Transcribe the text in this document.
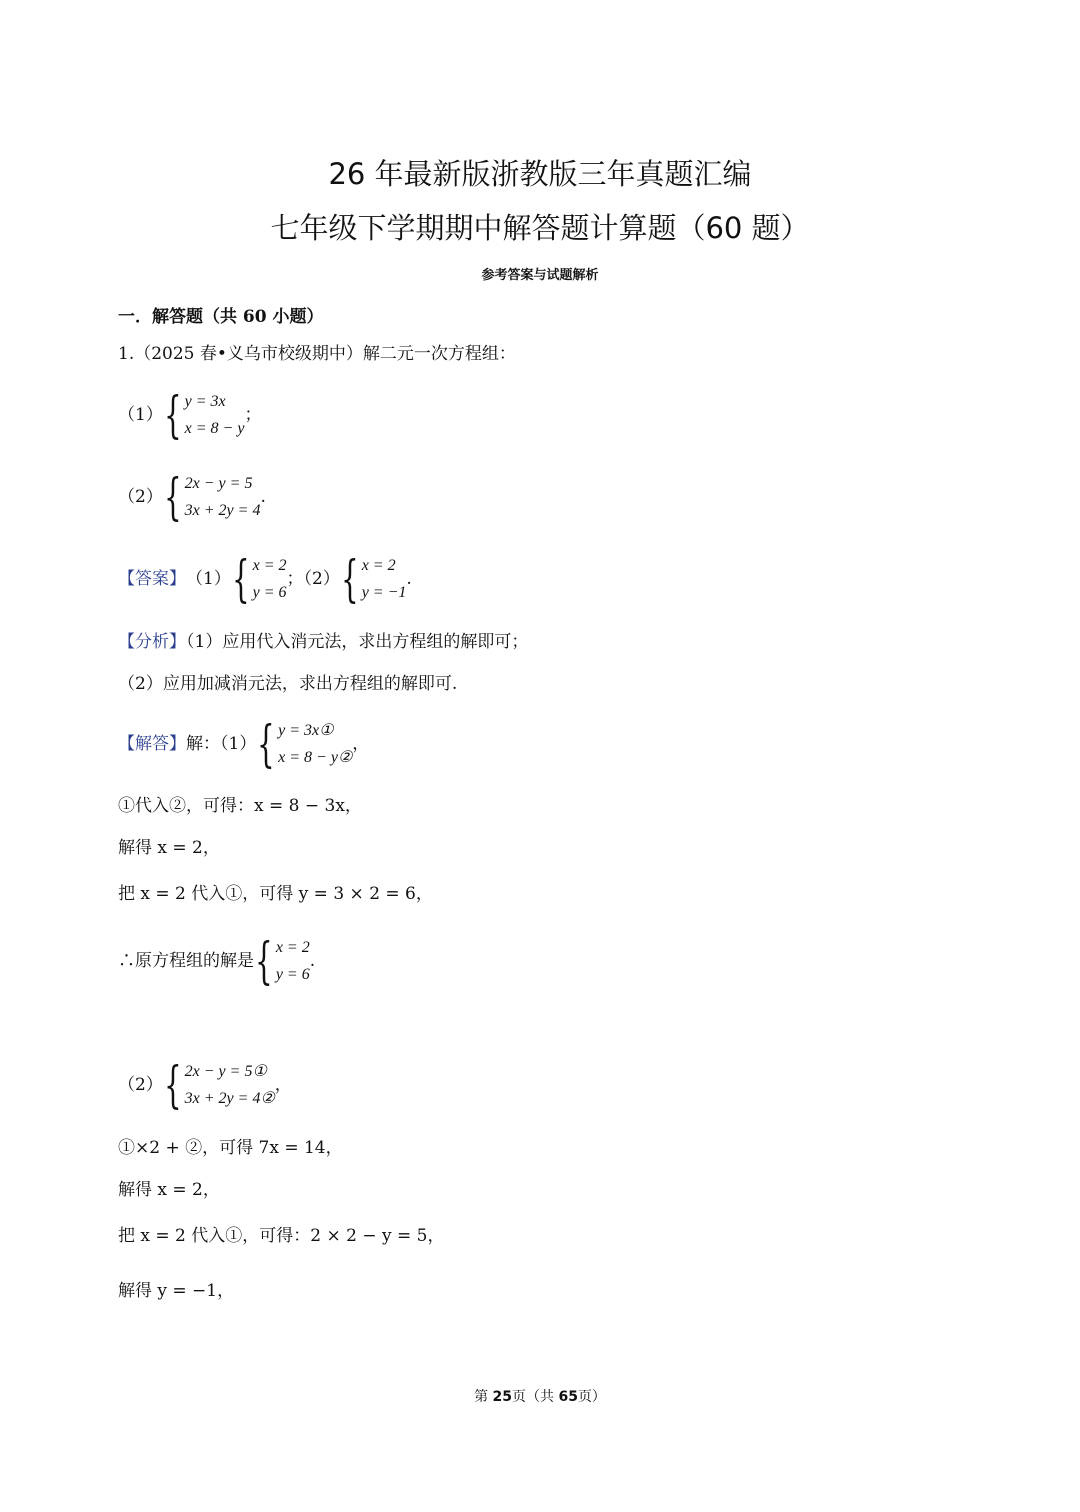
26 年最新版浙教版三年真题汇编
七年级下学期期中解答题计算题（60 题）
参考答案与试题解析
一．解答题（共 60 小题）
1.（2025 春•义乌市校级期中）解二元一次方程组：
（1） { y = 3x
x = 8 − y
；
（2） { 2x − y = 5
3x + 2y = 4
.
【答案】 （1） { x = 2
y = 6
；（2） { x = 2
y = −1
.
【分析】（1）应用代入消元法，求出方程组的解即可；
（2）应用加减消元法，求出方程组的解即可.
【解答】 解：（1） { y = 3x①
x = 8 − y②
，
①代入②，可得：x = 8 − 3x，
解得 x = 2，
把 x = 2 代入①，可得 y = 3 × 2 = 6，
∴原方程组的解是 { x = 2
y = 6
.
（2） { 2x − y = 5①
3x + 2y = 4②
，
①×2 + ②，可得 7x = 14，
解得 x = 2，
把 x = 2 代入①，可得：2 × 2 − y = 5，
解得 y = −1，
第 25页（共 65页）
